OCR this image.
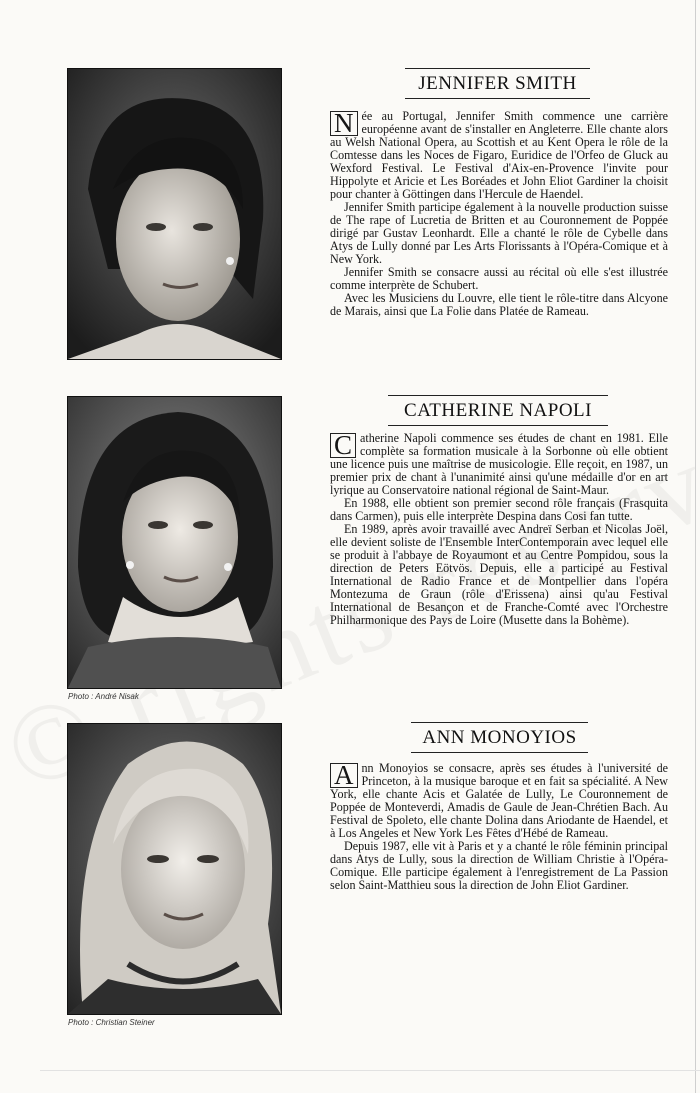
JENNIFER SMITH

N ée au Portugal, Jennifer Smith commence une carrière européenne avant de s'installer en Angleterre. Elle chante alors au Welsh National Opera, au Scottish et au Kent Opera le rôle de la Comtesse dans les Noces de Figaro, Euridice de l'Orfeo de Gluck au Wexford Festival. Le Festival d'Aix-en-Provence l'invite pour Hippolyte et Aricie et Les Boréades et John Eliot Gardiner la choisit pour chanter à Göttingen dans l'Hercule de Haendel.

Jennifer Smith participe également à la nouvelle production suisse de The rape of Lucretia de Britten et au Couronnement de Poppée dirigé par Gustav Leonhardt. Elle a chanté le rôle de Cybelle dans Atys de Lully donné par Les Arts Florissants à l'Opéra-Comique et à New York.

Jennifer Smith se consacre aussi au récital où elle s'est illustrée comme interprète de Schubert.

Avec les Musiciens du Louvre, elle tient le rôle-titre dans Alcyone de Marais, ainsi que La Folie dans Platée de Rameau.

Photo : André Nisak
CATHERINE NAPOLI

C atherine Napoli commence ses études de chant en 1981. Elle complète sa formation musicale à la Sorbonne où elle obtient une licence puis une maîtrise de musicologie. Elle reçoit, en 1987, un premier prix de chant à l'unanimité ainsi qu'une médaille d'or en art lyrique au Conservatoire national régional de Saint-Maur.

En 1988, elle obtient son premier second rôle français (Frasquita dans Carmen), puis elle interprète Despina dans Cosi fan tutte.

En 1989, après avoir travaillé avec Andreï Serban et Nicolas Joël, elle devient soliste de l'Ensemble InterContemporain avec lequel elle se produit à l'abbaye de Royaumont et au Centre Pompidou, sous la direction de Peters Eötvös. Depuis, elle a participé au Festival International de Radio France et de Montpellier dans l'opéra Montezuma de Graun (rôle d'Erissena) ainsi qu'au Festival International de Besançon et de Franche-Comté avec l'Orchestre Philharmonique des Pays de Loire (Musette dans la Bohème).

Photo : Christian Steiner
ANN MONOYIOS

A nn Monoyios se consacre, après ses études à l'université de Princeton, à la musique baroque et en fait sa spécialité. A New York, elle chante Acis et Galatée de Lully, Le Couronnement de Poppée de Monteverdi, Amadis de Gaule de Jean-Chrétien Bach. Au Festival de Spoleto, elle chante Dolina dans Ariodante de Haendel, et à Los Angeles et New York Les Fêtes d'Hébé de Rameau.

Depuis 1987, elle vit à Paris et y a chanté le rôle féminin principal dans Atys de Lully, sous la direction de William Christie à l'Opéra-Comique. Elle participe également à l'enregistrement de La Passion selon Saint-Matthieu sous la direction de John Eliot Gardiner.
